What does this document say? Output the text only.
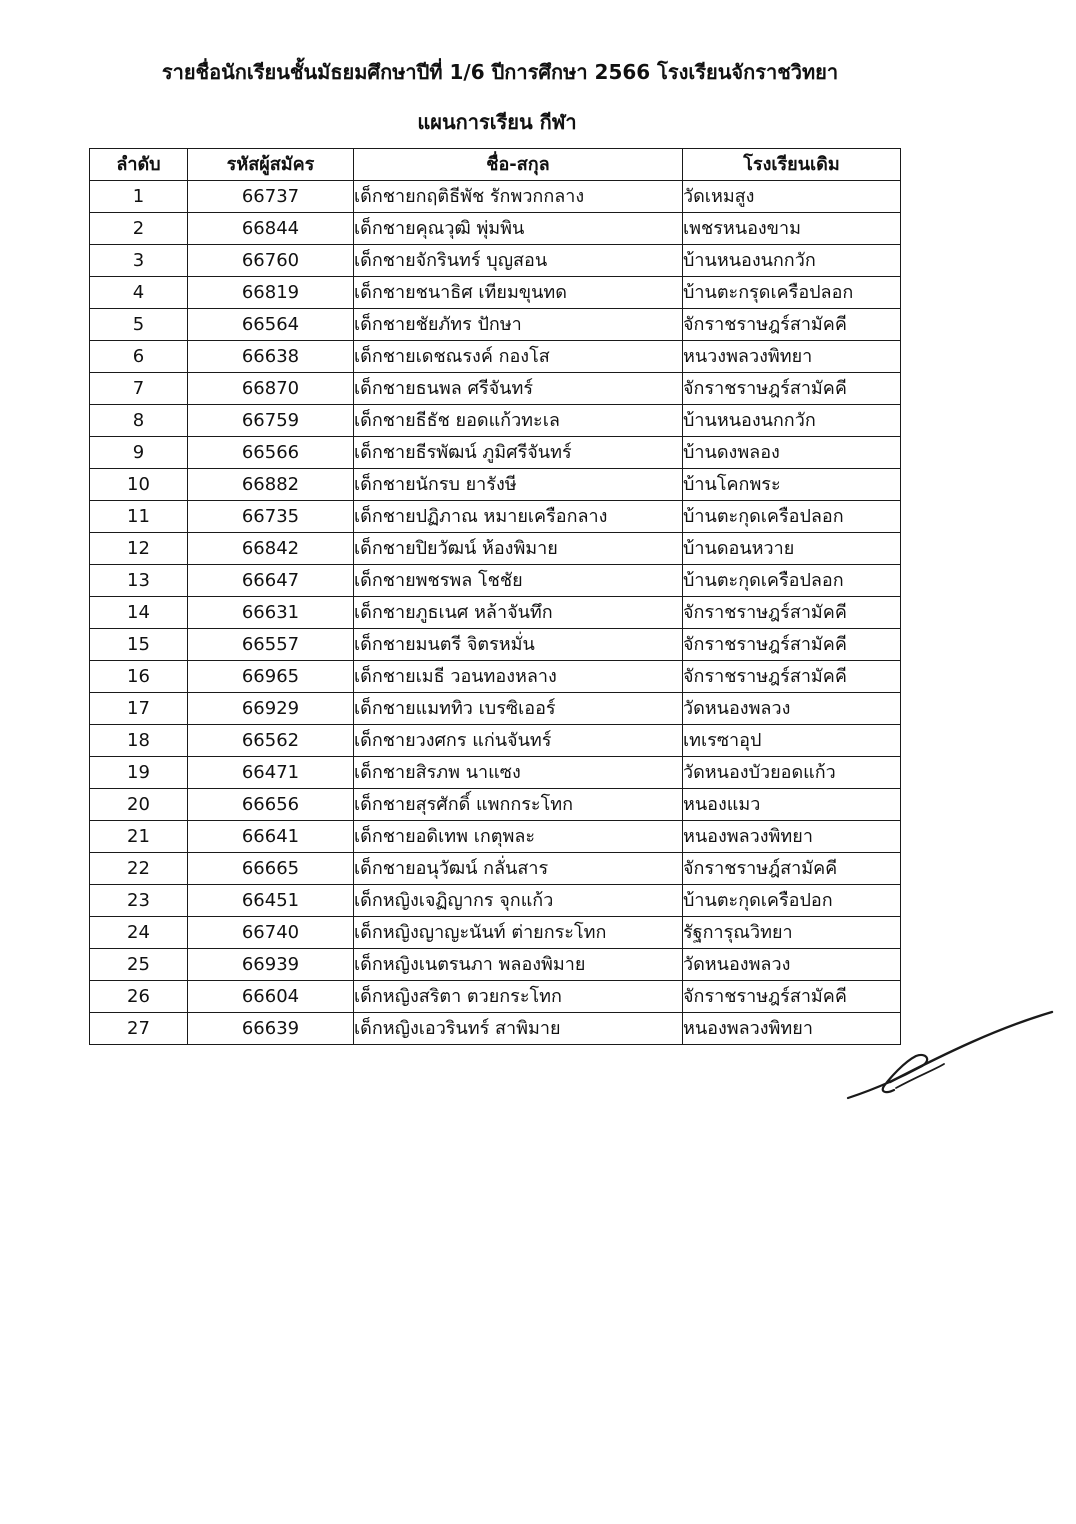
รายชื่อนักเรียนชั้นมัธยมศึกษาปีที่ 1/6 ปีการศึกษา 2566 โรงเรียนจักราชวิทยา
แผนการเรียน กีฬา
ลำดับ	รหัสผู้สมัคร	ชื่อ-สกุล	โรงเรียนเดิม
1	66737	เด็กชายกฤติธีพัช รักพวกกลาง	วัดเหมสูง
2	66844	เด็กชายคุณวุฒิ พุ่มพิน	เพชรหนองขาม
3	66760	เด็กชายจักรินทร์ บุญสอน	บ้านหนองนกกวัก
4	66819	เด็กชายชนาธิศ เทียมขุนทด	บ้านตะกรุดเครือปลอก
5	66564	เด็กชายชัยภัทร ปักษา	จักราชราษฎร์สามัคคี
6	66638	เด็กชายเดชณรงค์ กองโส	หนวงพลวงพิทยา
7	66870	เด็กชายธนพล ศรีจันทร์	จักราชราษฎร์สามัคคี
8	66759	เด็กชายธีธัช ยอดแก้วทะเล	บ้านหนองนกกวัก
9	66566	เด็กชายธีรพัฒน์ ภูมิศรีจันทร์	บ้านดงพลอง
10	66882	เด็กชายนักรบ ยารังษี	บ้านโคกพระ
11	66735	เด็กชายปฏิภาณ หมายเครือกลาง	บ้านตะกุดเครือปลอก
12	66842	เด็กชายปิยวัฒน์ ห้องพิมาย	บ้านดอนหวาย
13	66647	เด็กชายพชรพล โชชัย	บ้านตะกุดเครือปลอก
14	66631	เด็กชายภูธเนศ หล้าจันทึก	จักราชราษฎร์สามัคคี
15	66557	เด็กชายมนตรี จิตรหมั่น	จักราชราษฎร์สามัคคี
16	66965	เด็กชายเมธี วอนทองหลาง	จักราชราษฎร์สามัคคี
17	66929	เด็กชายแมททิว เบรซิเออร์	วัดหนองพลวง
18	66562	เด็กชายวงศกร แก่นจันทร์	เทเรซาอุป
19	66471	เด็กชายสิรภพ นาแซง	วัดหนองบัวยอดแก้ว
20	66656	เด็กชายสุรศักดิ์ แพกกระโทก	หนองแมว
21	66641	เด็กชายอดิเทพ เกตุพละ	หนองพลวงพิทยา
22	66665	เด็กชายอนุวัฒน์ กลั่นสาร	จักราชราษฎ์สามัคคี
23	66451	เด็กหญิงเจฏิญากร จุกแก้ว	บ้านตะกุดเครือปอก
24	66740	เด็กหญิงญาญะนันท์ ต่ายกระโทก	รัฐการุณวิทยา
25	66939	เด็กหญิงเนตรนภา พลองพิมาย	วัดหนองพลวง
26	66604	เด็กหญิงสริตา ตวยกระโทก	จักราชราษฎร์สามัคคี
27	66639	เด็กหญิงเอวรินทร์ สาพิมาย	หนองพลวงพิทยา
